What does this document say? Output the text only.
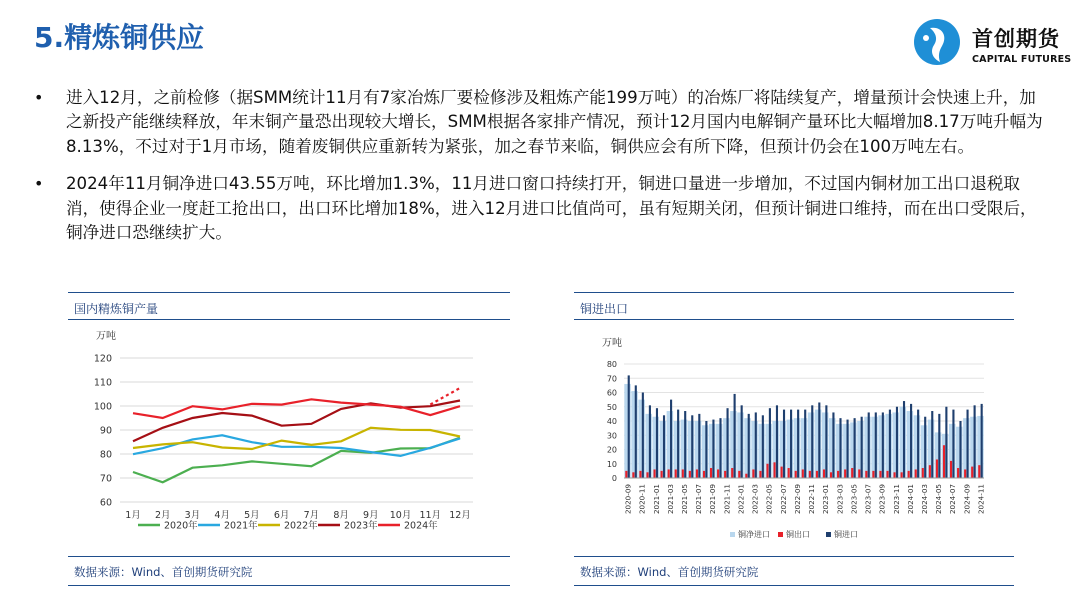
5.精炼铜供应	首创期货
CAPITAL FUTURES
• 进入12月，之前检修（据SMM统计11月有7家冶炼厂要检修涉及粗炼产能199万吨）的冶炼厂将陆续复产，增量预计会快速上升，加之新投产能继续释放，年末铜产量恐出现较大增长，SMM根据各家排产情况，预计12月国内电解铜产量环比大幅增加8.17万吨升幅为8.13%，不过对于1月市场，随着废铜供应重新转为紧张，加之春节来临，铜供应会有所下降，但预计仍会在100万吨左右。
• 2024年11月铜净进口43.55万吨，环比增加1.3%，11月进口窗口持续打开，铜进口量进一步增加，不过国内铜材加工出口退税取消，使得企业一度赶工抢出口，出口环比增加18%，进入12月进口比值尚可，虽有短期关闭，但预计铜进口维持，而在出口受限后，铜净进口恐继续扩大。
国内精炼铜产量
万吨
60
70
80
90
100
110
120
1月 2月 3月 4月 5月 6月 7月 8月 9月 10月 11月 12月
2020年	2021年	2022年	2023年	2024年
数据来源：Wind、首创期货研究院
铜进出口
万吨
0
10
20
30
40
50
60
70
80
2020-09 2020-11 2021-01 2021-03 2021-05 2021-07 2021-09 2021-11 2022-01 2022-03 2022-05 2022-07 2022-09 2022-11 2023-01 2023-03 2023-05 2023-07 2023-09 2023-11 2024-01 2024-03 2024-05 2024-07 2024-09 2024-11
铜净进口 铜出口	铜进口
数据来源：Wind、首创期货研究院
